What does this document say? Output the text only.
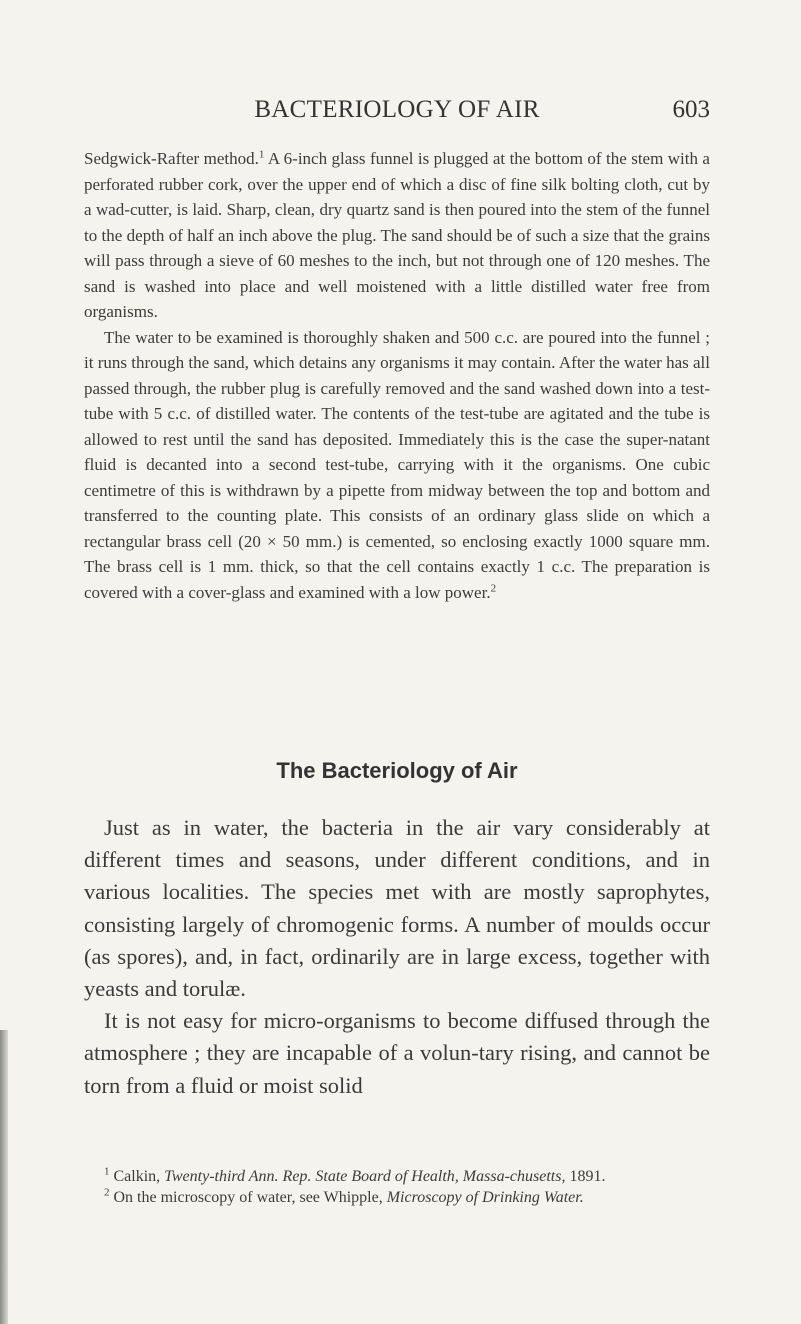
BACTERIOLOGY OF AIR	603

Sedgwick-Rafter method.$^1$ A 6-inch glass funnel is plugged at the bottom of the stem with a perforated rubber cork, over the upper end of which a disc of fine silk bolting cloth, cut by a wad-cutter, is laid. Sharp, clean, dry quartz sand is then poured into the stem of the funnel to the depth of half an inch above the plug. The sand should be of such a size that the grains will pass through a sieve of 60 meshes to the inch, but not through one of 120 meshes. The sand is washed into place and well moistened with a little distilled water free from organisms.

The water to be examined is thoroughly shaken and 500 c.c. are poured into the funnel ; it runs through the sand, which detains any organisms it may contain. After the water has all passed through, the rubber plug is carefully removed and the sand washed down into a test-tube with 5 c.c. of distilled water. The contents of the test-tube are agitated and the tube is allowed to rest until the sand has deposited. Immediately this is the case the super-natant fluid is decanted into a second test-tube, carrying with it the organisms. One cubic centimetre of this is withdrawn by a pipette from midway between the top and bottom and transferred to the counting plate. This consists of an ordinary glass slide on which a rectangular brass cell (20 × 50 mm.) is cemented, so enclosing exactly 1000 square mm. The brass cell is 1 mm. thick, so that the cell contains exactly 1 c.c. The preparation is covered with a cover-glass and examined with a low power.$^2$

The Bacteriology of Air

Just as in water, the bacteria in the air vary considerably at different times and seasons, under different conditions, and in various localities. The species met with are mostly saprophytes, consisting largely of chromogenic forms. A number of moulds occur (as spores), and, in fact, ordinarily are in large excess, together with yeasts and torulæ.

It is not easy for micro-organisms to become diffused through the atmosphere ; they are incapable of a volun-tary rising, and cannot be torn from a fluid or moist solid

$^1$ Calkin, Twenty-third Ann. Rep. State Board of Health, Massa-chusetts, 1891.

$^2$ On the microscopy of water, see Whipple, Microscopy of Drinking Water.
